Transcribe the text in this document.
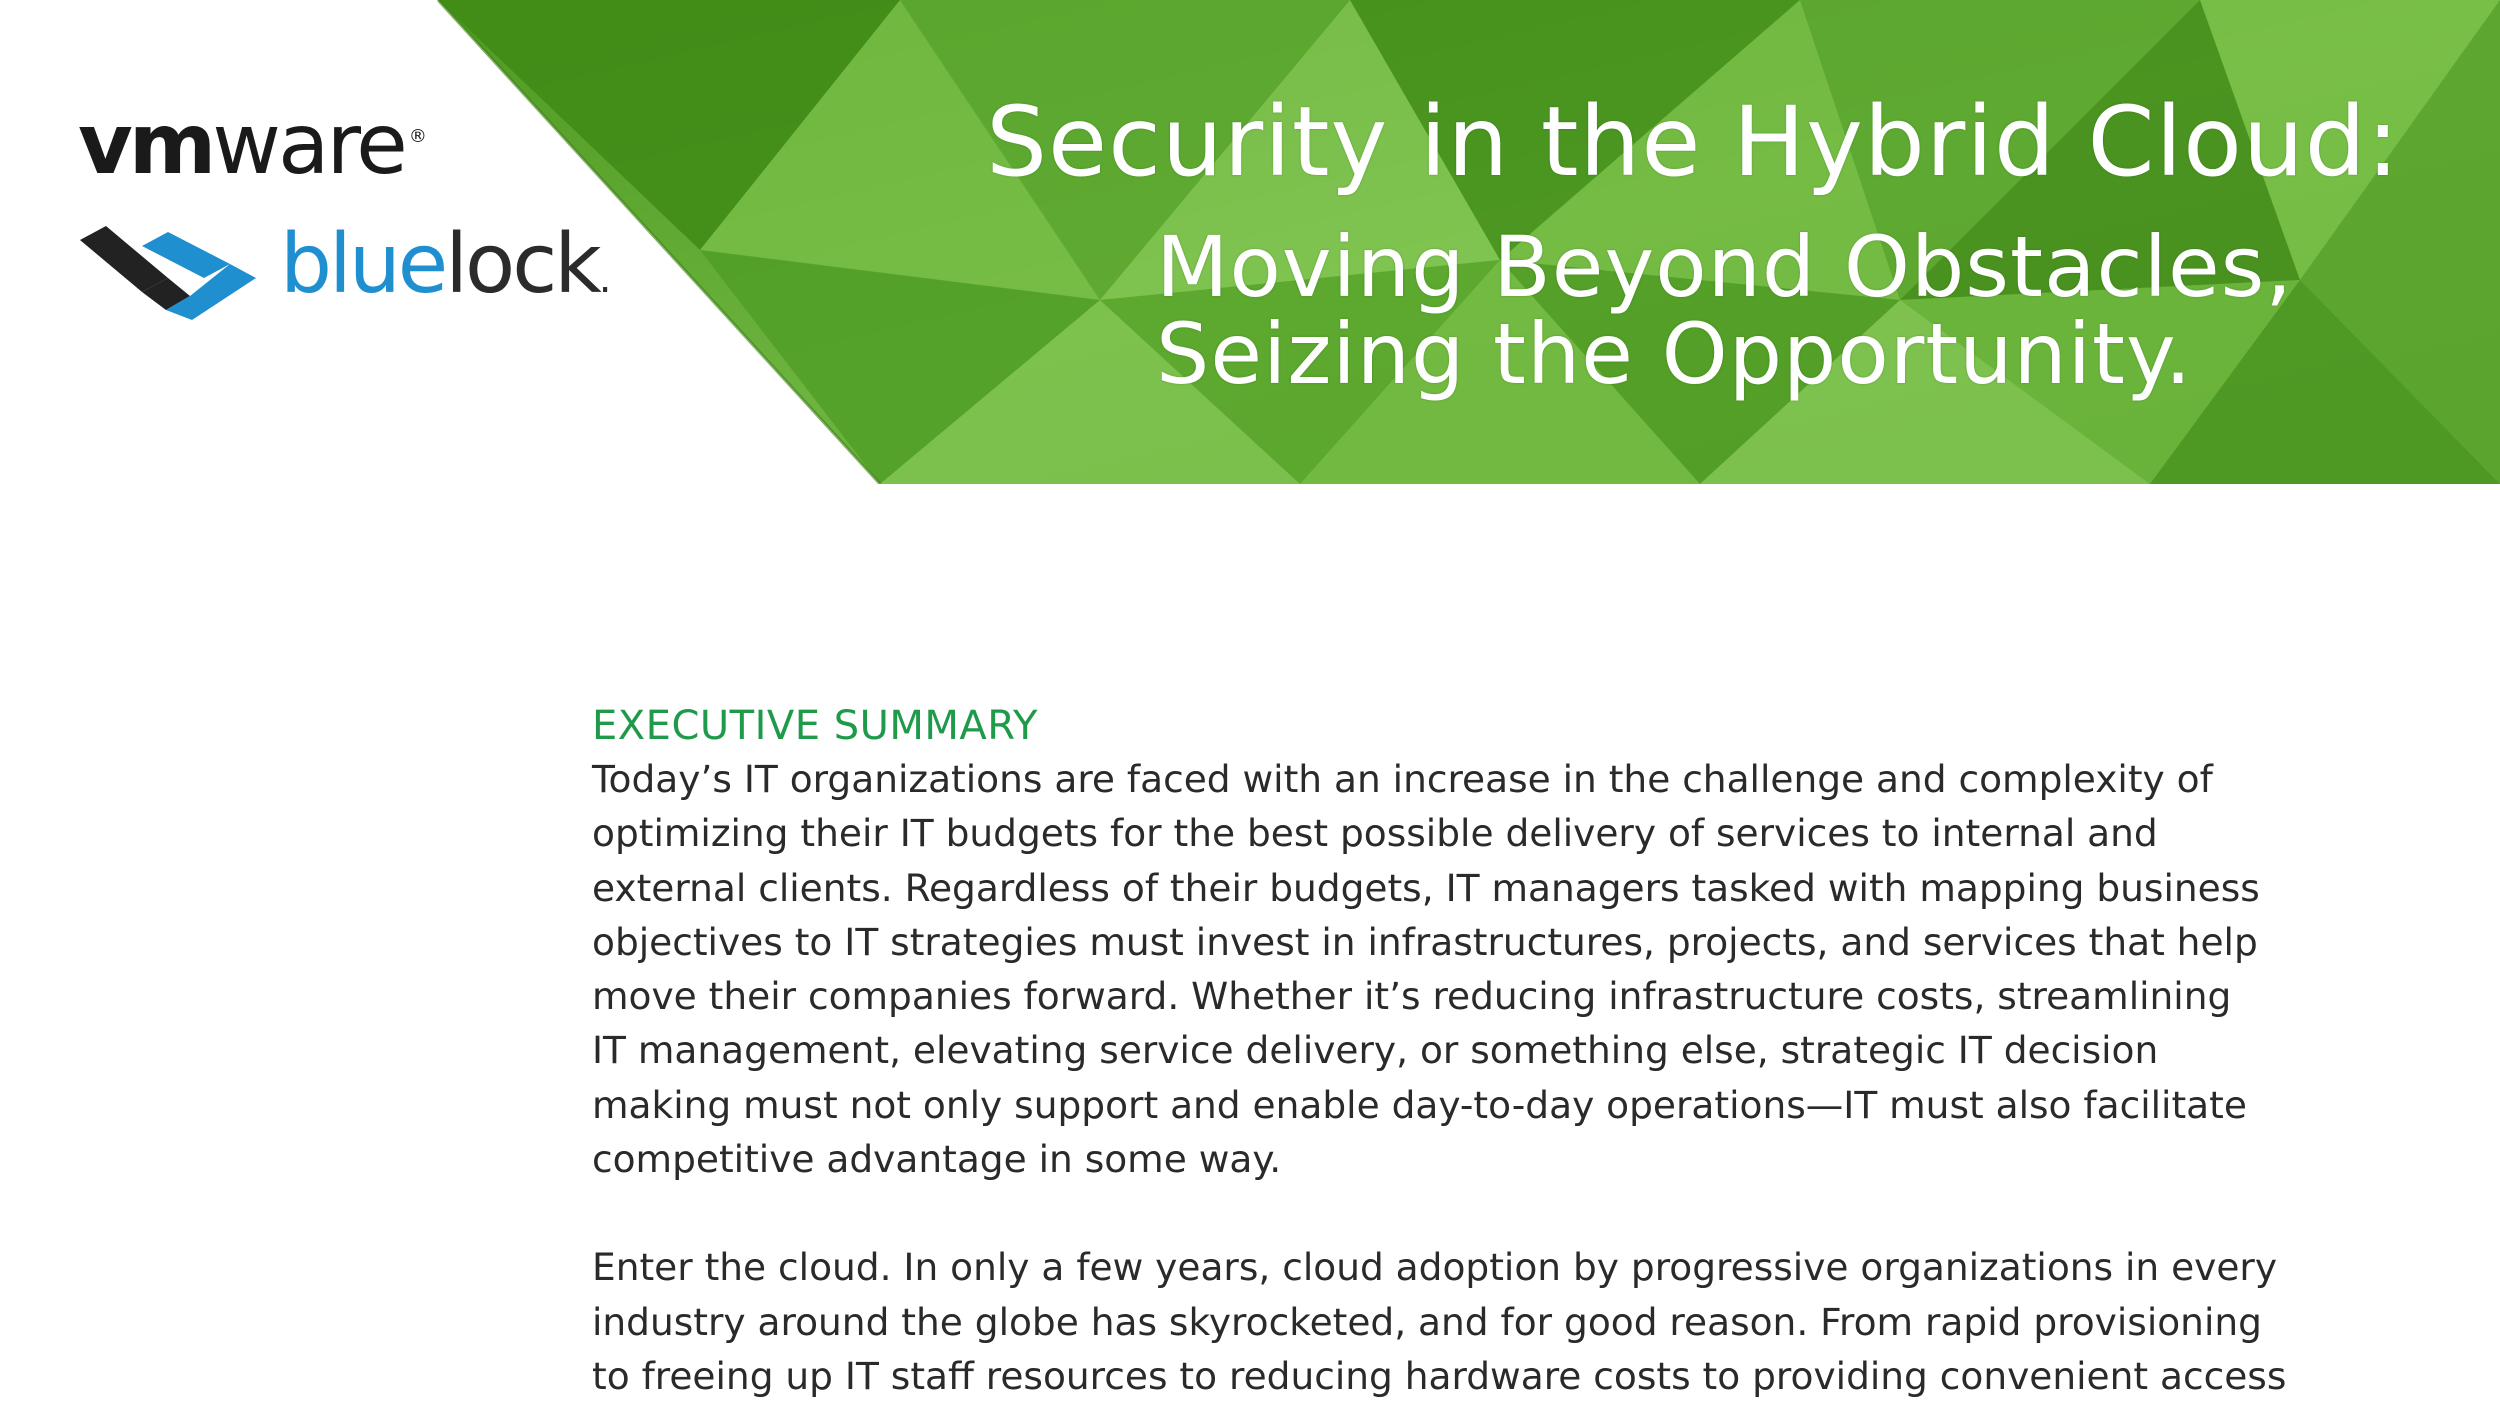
Security in the Hybrid Cloud:
Moving Beyond Obstacles,
Seizing the Opportunity.
vmware ®
bluelock.
EXECUTIVE SUMMARY

Today’s IT organizations are faced with an increase in the challenge and complexity of
optimizing their IT budgets for the best possible delivery of services to internal and
external clients. Regardless of their budgets, IT managers tasked with mapping business
objectives to IT strategies must invest in infrastructures, projects, and services that help
move their companies forward. Whether it’s reducing infrastructure costs, streamlining
IT management, elevating service delivery, or something else, strategic IT decision
making must not only support and enable day-to-day operations—IT must also facilitate
competitive advantage in some way.

Enter the cloud. In only a few years, cloud adoption by progressive organizations in every
industry around the globe has skyrocketed, and for good reason. From rapid provisioning
to freeing up IT staff resources to reducing hardware costs to providing convenient access
